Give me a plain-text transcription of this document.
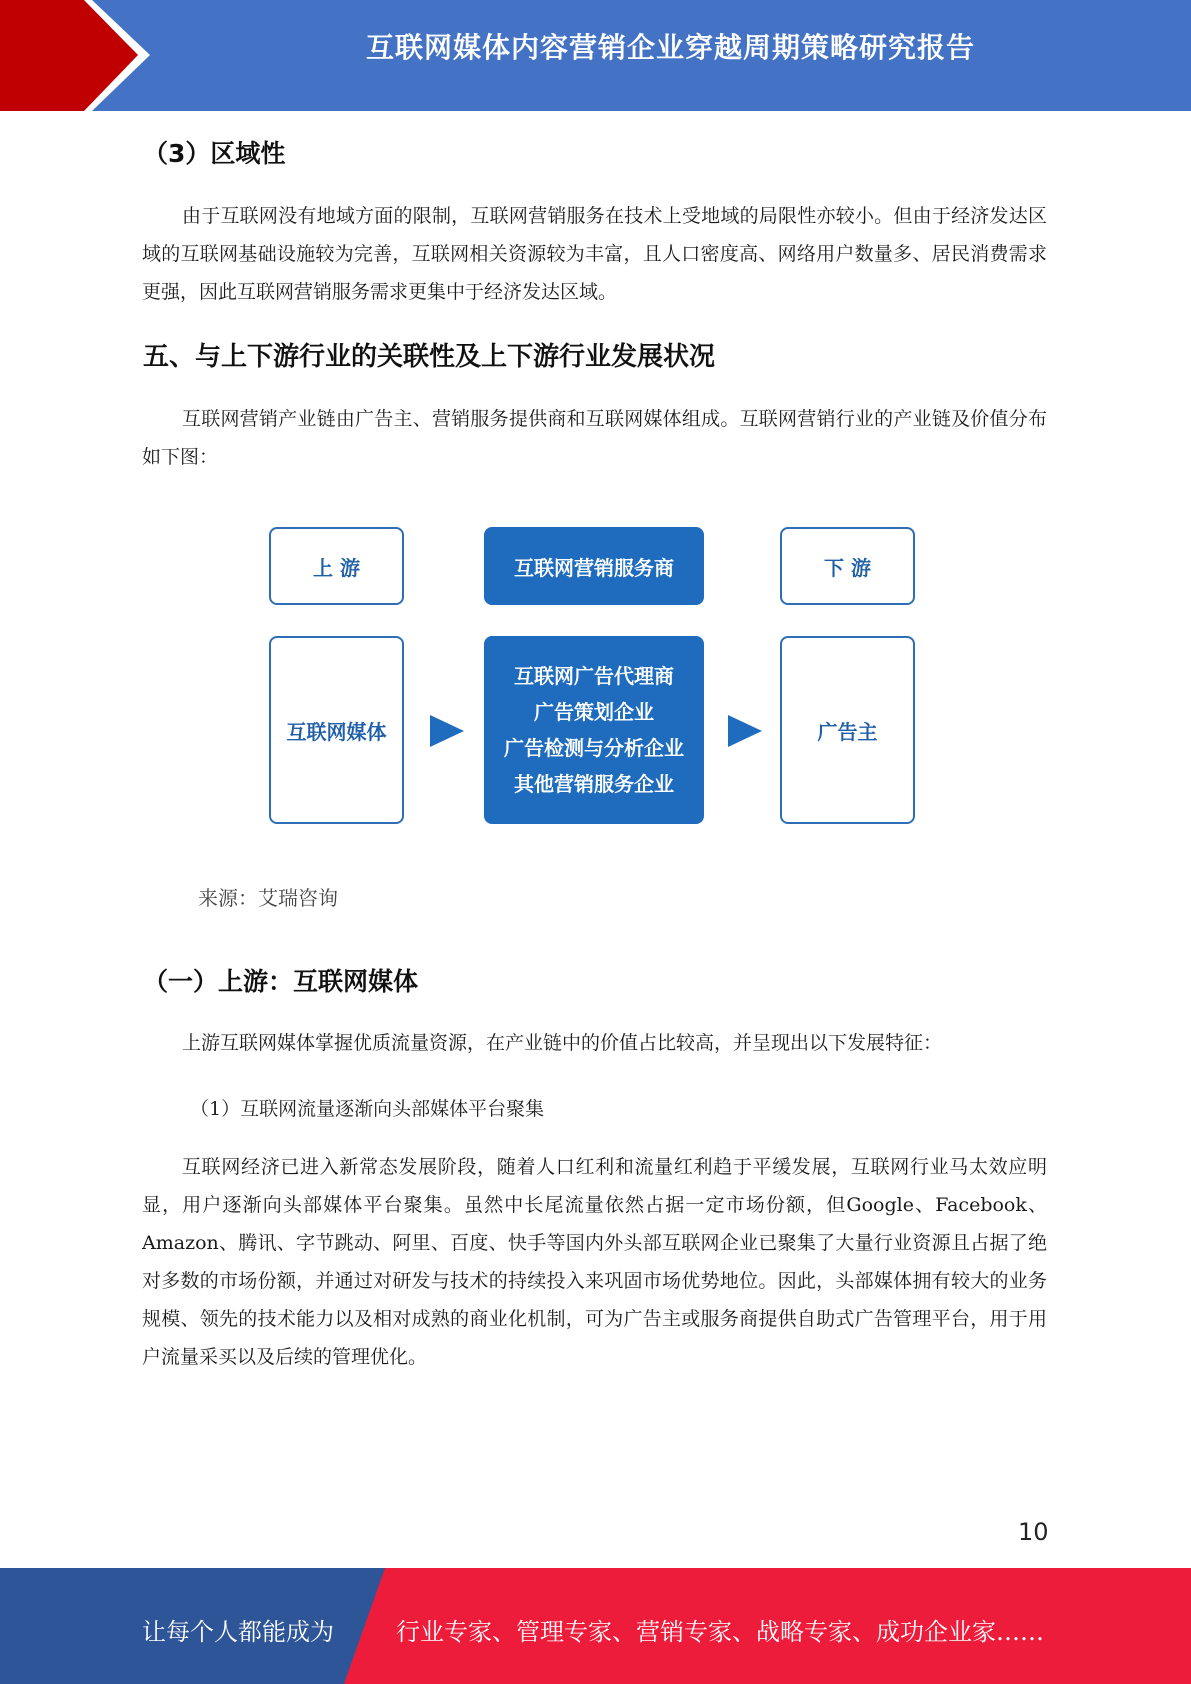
互联网媒体内容营销企业穿越周期策略研究报告
（3）区域性

由于互联网没有地域方面的限制，互联网营销服务在技术上受地域的局限性亦较小。但由于经济发达区域的互联网基础设施较为完善，互联网相关资源较为丰富，且人口密度高、网络用户数量多、居民消费需求更强，因此互联网营销服务需求更集中于经济发达区域。

五、与上下游行业的关联性及上下游行业发展状况

互联网营销产业链由广告主、营销服务提供商和互联网媒体组成。互联网营销行业的产业链及价值分布如下图：

上 游	互联网营销服务商	下 游
互联网媒体
互联网广告代理商
广告策划企业
广告检测与分析企业
其他营销服务企业
广告主
来源：艾瑞咨询
（一）上游：互联网媒体

上游互联网媒体掌握优质流量资源，在产业链中的价值占比较高，并呈现出以下发展特征：

（1）互联网流量逐渐向头部媒体平台聚集

互联网经济已进入新常态发展阶段，随着人口红利和流量红利趋于平缓发展，互联网行业马太效应明显，用户逐渐向头部媒体平台聚集。虽然中长尾流量依然占据一定市场份额，但Google、Facebook、Amazon、腾讯、字节跳动、阿里、百度、快手等国内外头部互联网企业已聚集了大量行业资源且占据了绝对多数的市场份额，并通过对研发与技术的持续投入来巩固市场优势地位。因此，头部媒体拥有较大的业务规模、领先的技术能力以及相对成熟的商业化机制，可为广告主或服务商提供自助式广告管理平台，用于用户流量采买以及后续的管理优化。

10
让每个人都能成为	行业专家、管理专家、营销专家、战略专家、成功企业家……
